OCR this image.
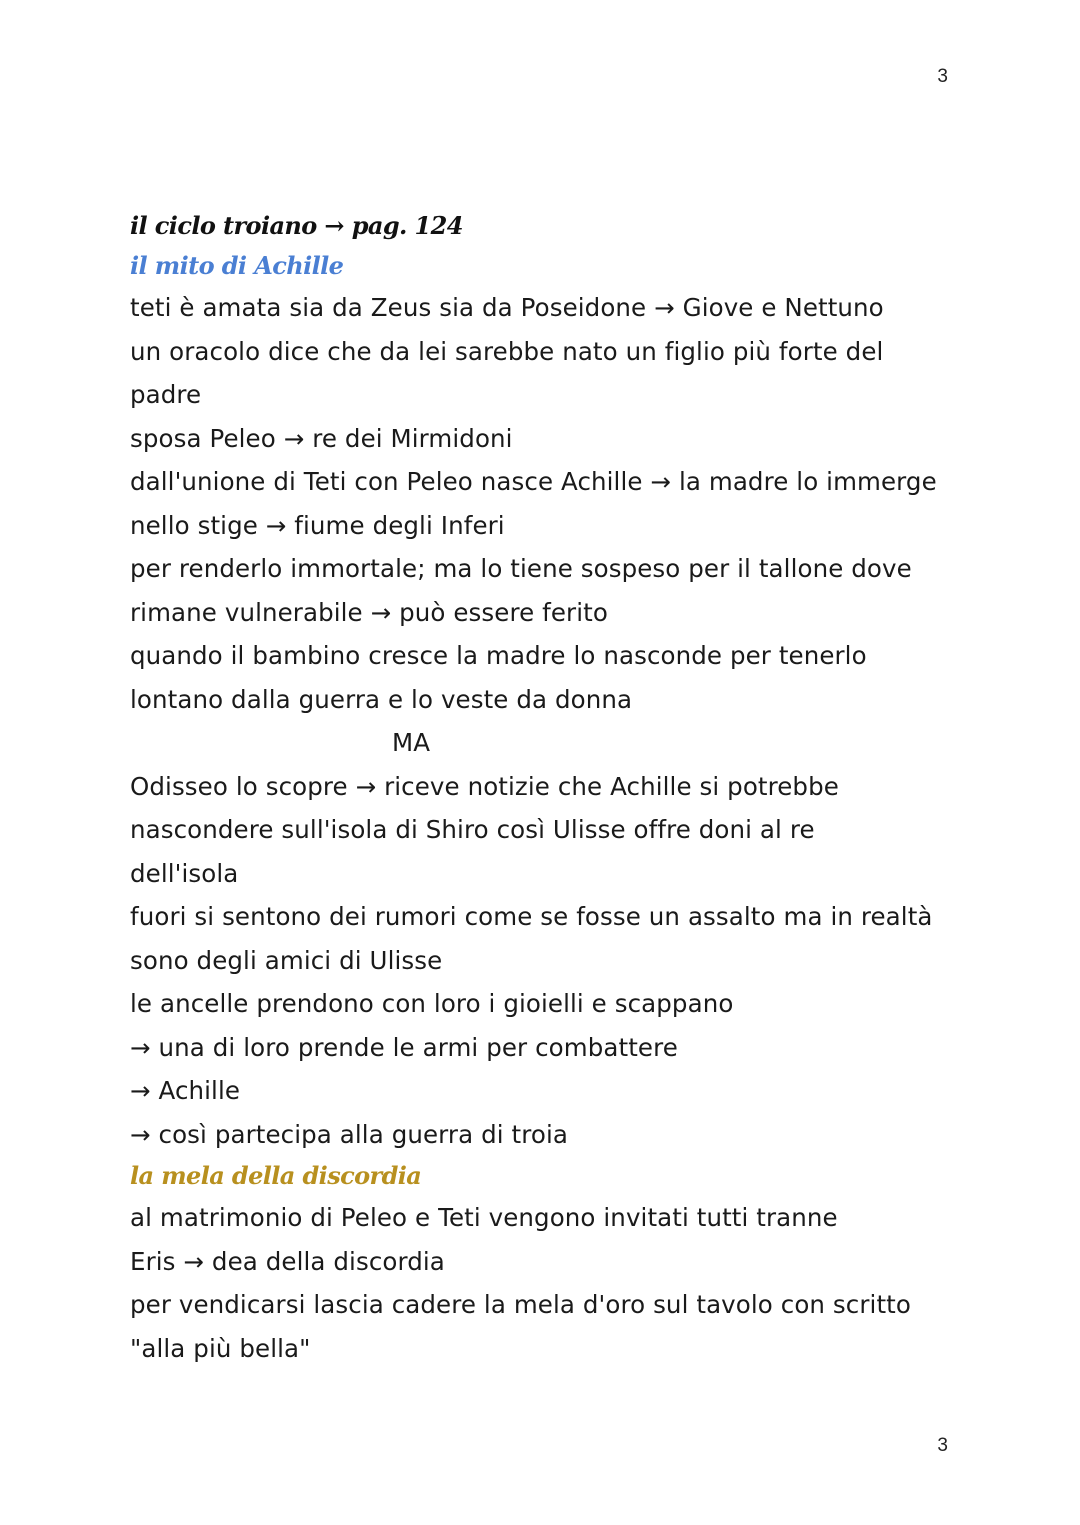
3
il ciclo troiano → pag. 124
il mito di Achille
teti è amata sia da Zeus sia da Poseidone → Giove e Nettuno
un oracolo dice che da lei sarebbe nato un figlio più forte del
padre
sposa Peleo → re dei Mirmidoni
dall'unione di Teti con Peleo nasce Achille → la madre lo immerge
nello stige → fiume degli Inferi
per renderlo immortale; ma lo tiene sospeso per il tallone dove
rimane vulnerabile → può essere ferito
quando il bambino cresce la madre lo nasconde per tenerlo
lontano dalla guerra e lo veste da donna
MA
Odisseo lo scopre → riceve notizie che Achille si potrebbe
nascondere sull'isola di Shiro così Ulisse offre doni al re
dell'isola
fuori si sentono dei rumori come se fosse un assalto ma in realtà
sono degli amici di Ulisse
le ancelle prendono con loro i gioielli e scappano
→ una di loro prende le armi per combattere
→ Achille
→ così partecipa alla guerra di troia
la mela della discordia
al matrimonio di Peleo e Teti vengono invitati tutti tranne
Eris → dea della discordia
per vendicarsi lascia cadere la mela d'oro sul tavolo con scritto
"alla più bella"
3
